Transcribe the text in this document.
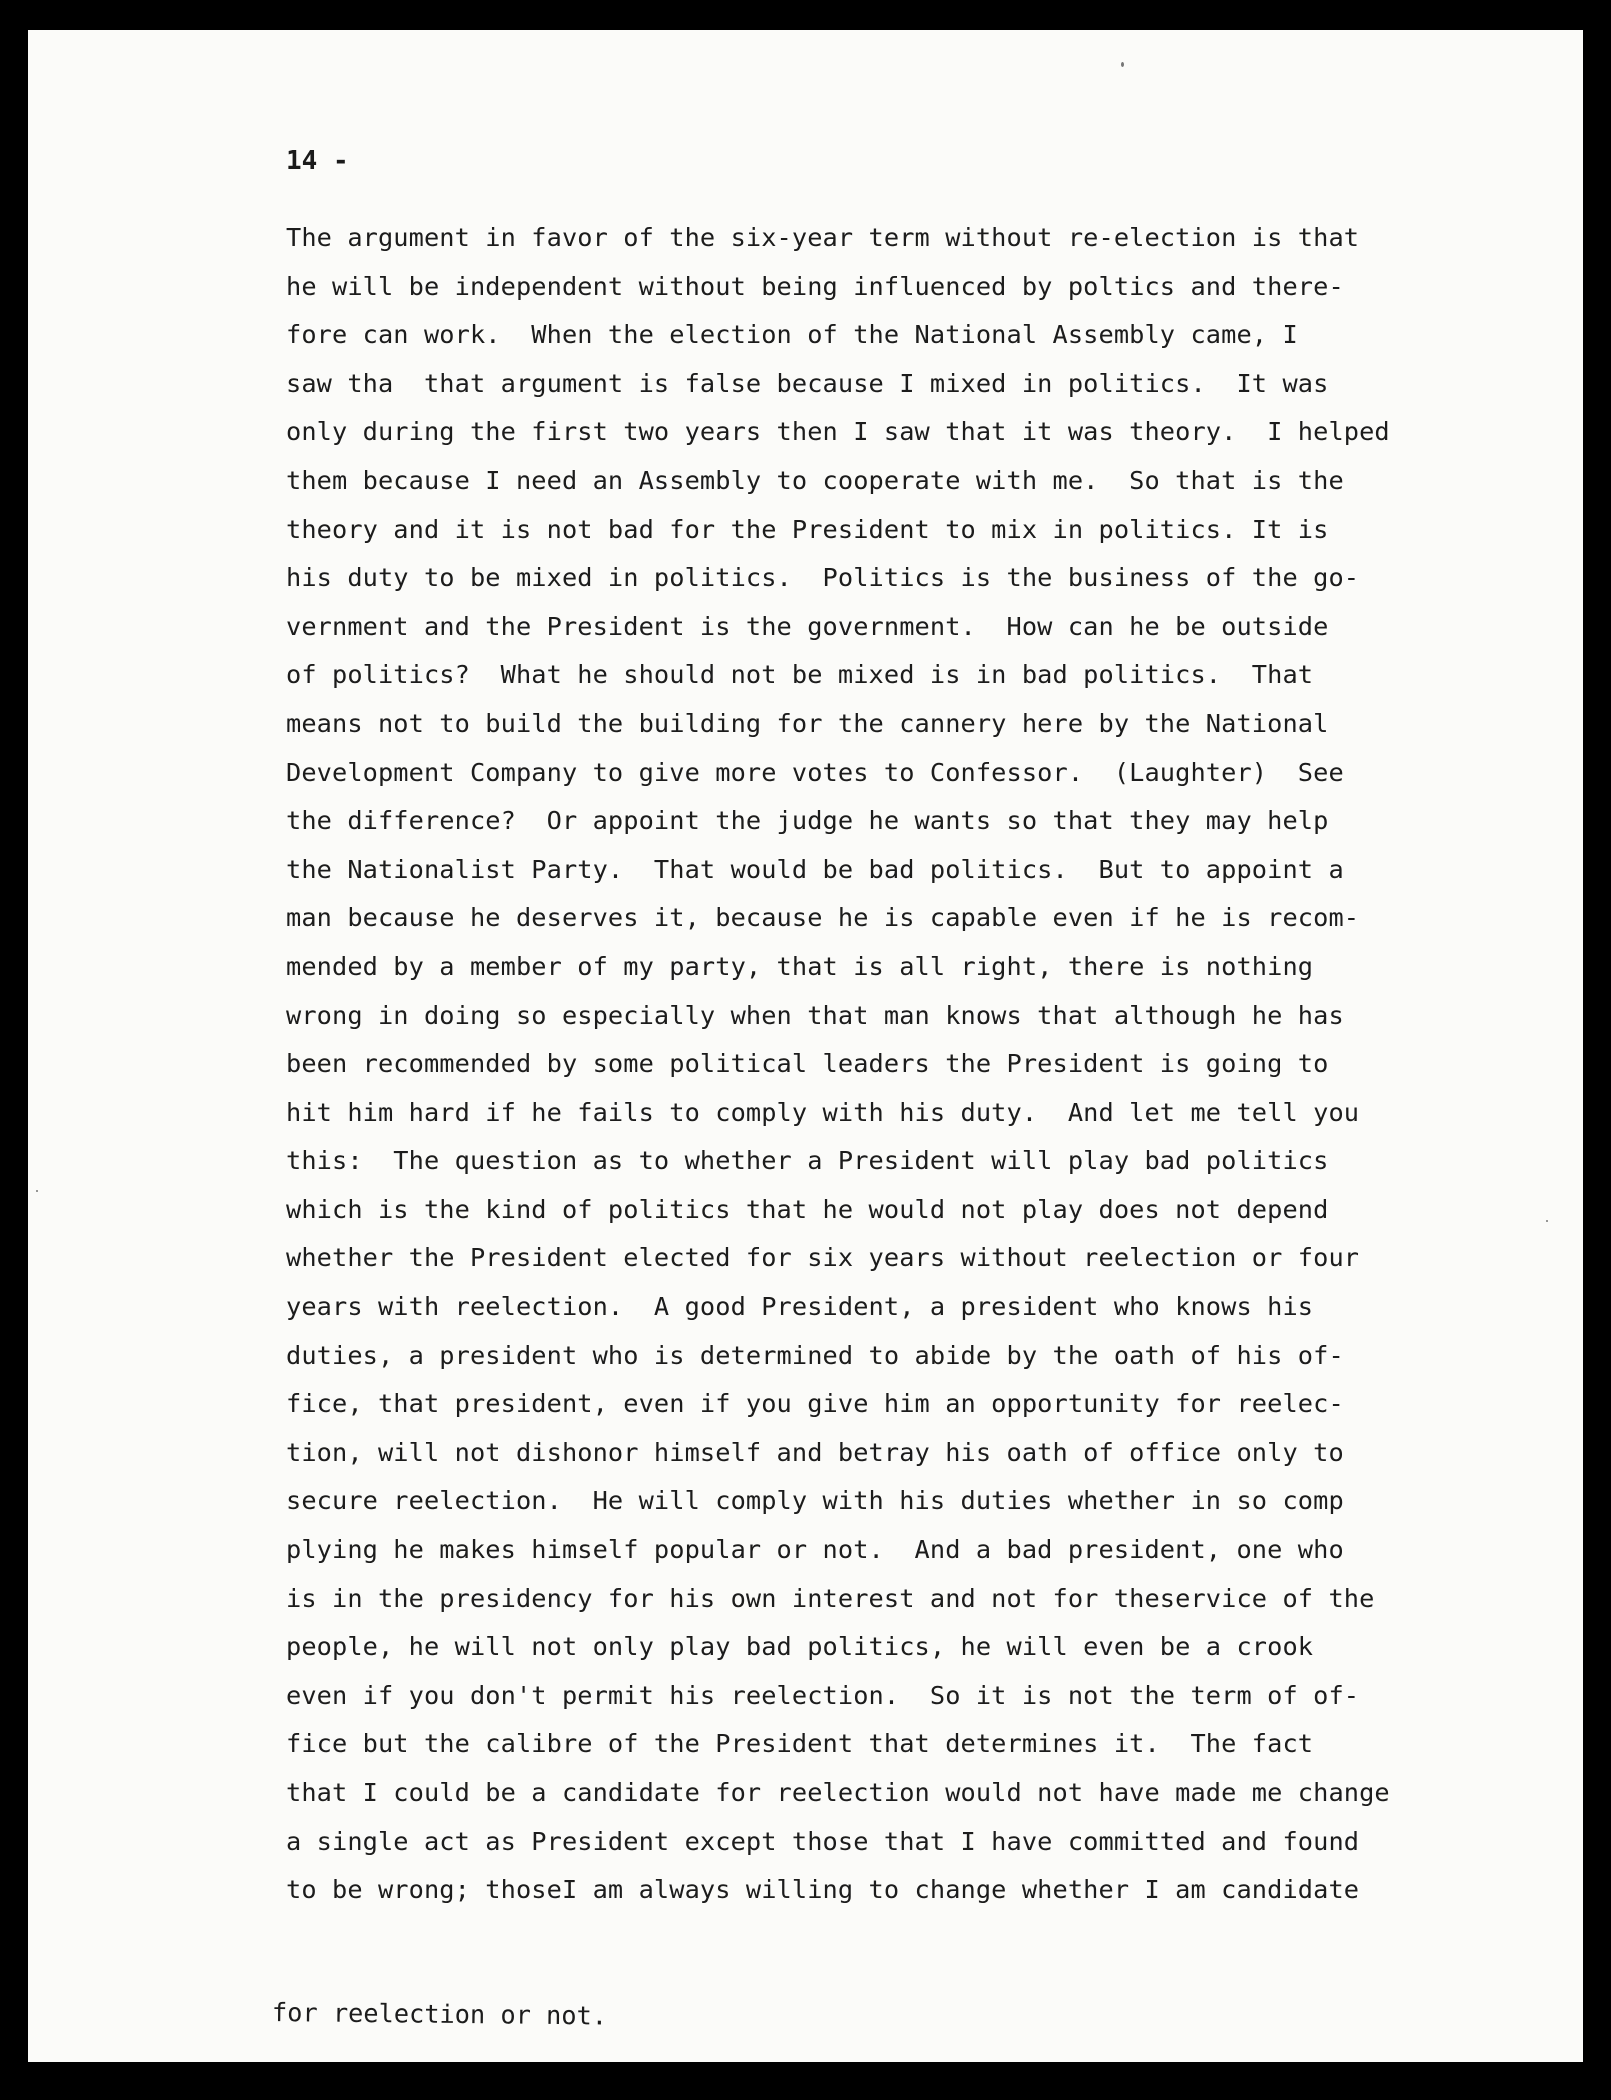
14 -
The argument in favor of the six-year term without re-election is that
he will be independent without being influenced by poltics and there-
fore can work.  When the election of the National Assembly came, I
saw tha  that argument is false because I mixed in politics.  It was
only during the first two years then I saw that it was theory.  I helped
them because I need an Assembly to cooperate with me.  So that is the
theory and it is not bad for the President to mix in politics. It is
his duty to be mixed in politics.  Politics is the business of the go-
vernment and the President is the government.  How can he be outside
of politics?  What he should not be mixed is in bad politics.  That
means not to build the building for the cannery here by the National
Development Company to give more votes to Confessor.  (Laughter)  See
the difference?  Or appoint the judge he wants so that they may help
the Nationalist Party.  That would be bad politics.  But to appoint a
man because he deserves it, because he is capable even if he is recom-
mended by a member of my party, that is all right, there is nothing
wrong in doing so especially when that man knows that although he has
been recommended by some political leaders the President is going to
hit him hard if he fails to comply with his duty.  And let me tell you
this:  The question as to whether a President will play bad politics
which is the kind of politics that he would not play does not depend
whether the President elected for six years without reelection or four
years with reelection.  A good President, a president who knows his
duties, a president who is determined to abide by the oath of his of-
fice, that president, even if you give him an opportunity for reelec-
tion, will not dishonor himself and betray his oath of office only to
secure reelection.  He will comply with his duties whether in so comp
plying he makes himself popular or not.  And a bad president, one who
is in the presidency for his own interest and not for theservice of the
people, he will not only play bad politics, he will even be a crook
even if you don't permit his reelection.  So it is not the term of of-
fice but the calibre of the President that determines it.  The fact
that I could be a candidate for reelection would not have made me change
a single act as President except those that I have committed and found
to be wrong; thoseI am always willing to change whether I am candidate
for reelection or not.
